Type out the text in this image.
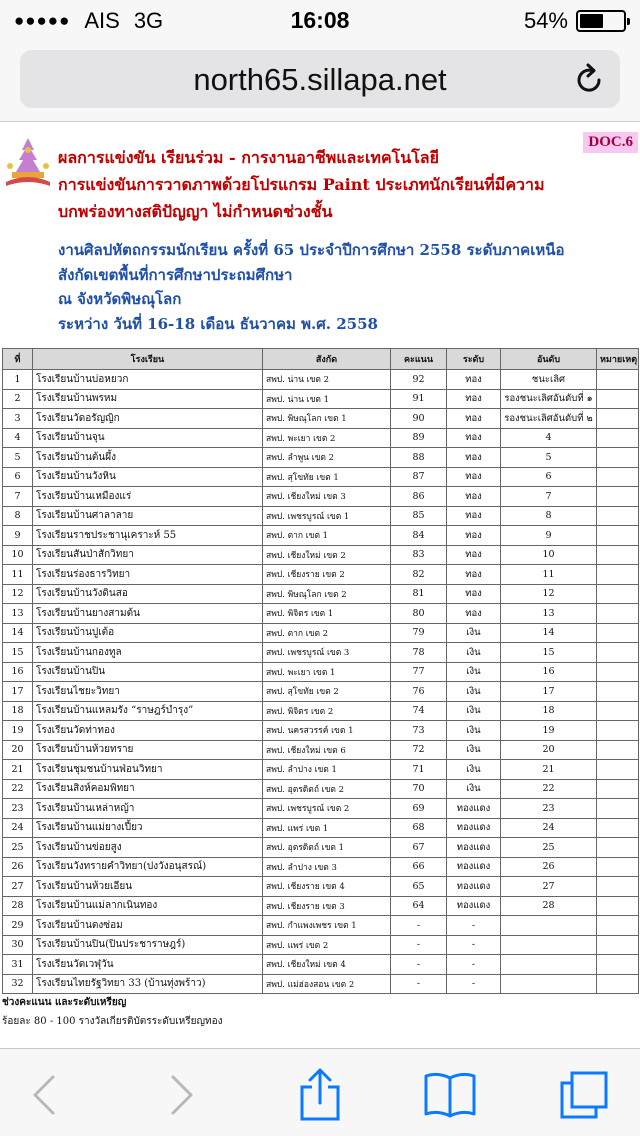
●●●●● AIS 3G	16:08	54%
north65.sillapa.net
DOC.6
ผลการแข่งขัน เรียนร่วม - การงานอาชีพและเทคโนโลยี
การแข่งขันการวาดภาพด้วยโปรแกรม Paint ประเภทนักเรียนที่มีความ
บกพร่องทางสติปัญญา ไม่กำหนดช่วงชั้น
งานศิลปหัตถกรรมนักเรียน ครั้งที่ 65 ประจำปีการศึกษา 2558 ระดับภาคเหนือ
สังกัดเขตพื้นที่การศึกษาประถมศึกษา
ณ จังหวัดพิษณุโลก
ระหว่าง วันที่ 16-18 เดือน ธันวาคม พ.ศ. 2558
ที่	โรงเรียน	สังกัด	คะแนน	ระดับ	อันดับ	หมายเหตุ
1	โรงเรียนบ้านบ่อหยวก	สพป. น่าน เขต 2	92	ทอง	ชนะเลิศ	
2	โรงเรียนบ้านพรหม	สพป. น่าน เขต 1	91	ทอง	รองชนะเลิศอันดับที่ ๑	
3	โรงเรียนวัดอรัญญิก	สพป. พิษณุโลก เขต 1	90	ทอง	รองชนะเลิศอันดับที่ ๒	
4	โรงเรียนบ้านจุน	สพป. พะเยา เขต 2	89	ทอง	4	
5	โรงเรียนบ้านต้นผึ้ง	สพป. ลำพูน เขต 2	88	ทอง	5	
6	โรงเรียนบ้านวังหิน	สพป. สุโขทัย เขต 1	87	ทอง	6	
7	โรงเรียนบ้านเหมืองแร่	สพป. เชียงใหม่ เขต 3	86	ทอง	7	
8	โรงเรียนบ้านศาลาลาย	สพป. เพชรบูรณ์ เขต 1	85	ทอง	8	
9	โรงเรียนราชประชานุเคราะห์ 55	สพป. ตาก เขต 1	84	ทอง	9	
10	โรงเรียนสันป่าสักวิทยา	สพป. เชียงใหม่ เขต 2	83	ทอง	10	
11	โรงเรียนร่องธารวิทยา	สพป. เชียงราย เขต 2	82	ทอง	11	
12	โรงเรียนบ้านวังดินสอ	สพป. พิษณุโลก เขต 2	81	ทอง	12	
13	โรงเรียนบ้านยางสามต้น	สพป. พิจิตร เขต 1	80	ทอง	13	
14	โรงเรียนบ้านปูเต้อ	สพป. ตาก เขต 2	79	เงิน	14	
15	โรงเรียนบ้านกองทูล	สพป. เพชรบูรณ์ เขต 3	78	เงิน	15	
16	โรงเรียนบ้านปิน	สพป. พะเยา เขต 1	77	เงิน	16	
17	โรงเรียนไชยะวิทยา	สพป. สุโขทัย เขต 2	76	เงิน	17	
18	โรงเรียนบ้านแหลมรัง “ราษฎร์บำรุง”	สพป. พิจิตร เขต 2	74	เงิน	18	
19	โรงเรียนวัดท่าทอง	สพป. นครสวรรค์ เขต 1	73	เงิน	19	
20	โรงเรียนบ้านห้วยทราย	สพป. เชียงใหม่ เขต 6	72	เงิน	20	
21	โรงเรียนชุมชนบ้านฟ่อนวิทยา	สพป. ลำปาง เขต 1	71	เงิน	21	
22	โรงเรียนสิงห์คอมพิทยา	สพป. อุตรดิตถ์ เขต 2	70	เงิน	22	
23	โรงเรียนบ้านเหล่าหญ้า	สพป. เพชรบูรณ์ เขต 2	69	ทองแดง	23	
24	โรงเรียนบ้านแม่ยางเปี้ยว	สพป. แพร่ เขต 1	68	ทองแดง	24	
25	โรงเรียนบ้านข่อยสูง	สพป. อุตรดิตถ์ เขต 1	67	ทองแดง	25	
26	โรงเรียนวังทรายคำวิทยา(ปงวังอนุสรณ์)	สพป. ลำปาง เขต 3	66	ทองแดง	26	
27	โรงเรียนบ้านห้วยเอียน	สพป. เชียงราย เขต 4	65	ทองแดง	27	
28	โรงเรียนบ้านแม่ลากเนินทอง	สพป. เชียงราย เขต 3	64	ทองแดง	28	
29	โรงเรียนบ้านตงซ่อม	สพป. กำแพงเพชร เขต 1	-	-		
30	โรงเรียนบ้านปิน(ปินประชาราษฎร์)	สพป. แพร่ เขต 2	-	-		
31	โรงเรียนวัดเวฬุวัน	สพป. เชียงใหม่ เขต 4	-	-		
32	โรงเรียนไทยรัฐวิทยา 33 (บ้านทุ่งพร้าว)	สพป. แม่ฮ่องสอน เขต 2	-	-		
ช่วงคะแนน และระดับเหรียญ
ร้อยละ 80 - 100 รางวัลเกียรติบัตรระดับเหรียญทอง
